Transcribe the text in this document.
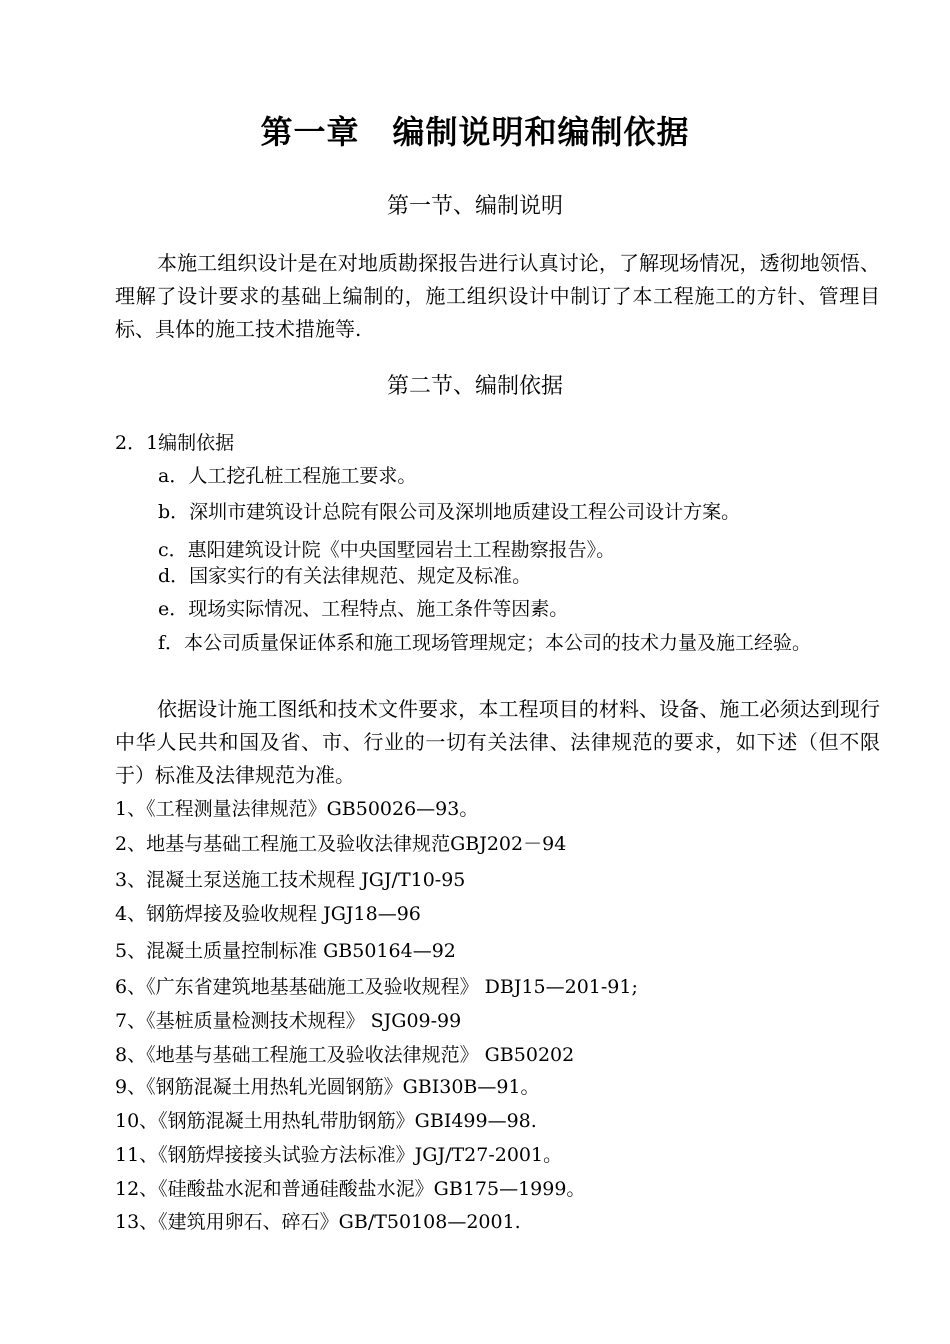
第一章　编制说明和编制依据
第一节、编制说明
本施工组织设计是在对地质勘探报告进行认真讨论，了解现场情况，透彻地领悟、理解了设计要求的基础上编制的，施工组织设计中制订了本工程施工的方针、管理目标、具体的施工技术措施等.
第二节、编制依据
2．1编制依据
a．人工挖孔桩工程施工要求。
b．深圳市建筑设计总院有限公司及深圳地质建设工程公司设计方案。
c．惠阳建筑设计院《中央国墅园岩土工程勘察报告》。
d．国家实行的有关法律规范、规定及标准。
e．现场实际情况、工程特点、施工条件等因素。
f．本公司质量保证体系和施工现场管理规定；本公司的技术力量及施工经验。
依据设计施工图纸和技术文件要求，本工程项目的材料、设备、施工必须达到现行中华人民共和国及省、市、行业的一切有关法律、法律规范的要求，如下述（但不限于）标准及法律规范为准。
1、《工程测量法律规范》GB50026—93。
2、地基与基础工程施工及验收法律规范GBJ202－94
3、混凝土泵送施工技术规程 JGJ/T10-95
4、钢筋焊接及验收规程 JGJ18—96
5、混凝土质量控制标准 GB50164—92
6、《广东省建筑地基基础施工及验收规程》 DBJ15—201-91;
7、《基桩质量检测技术规程》 SJG09-99
8、《地基与基础工程施工及验收法律规范》 GB50202
9、《钢筋混凝土用热轧光圆钢筋》GBI30B—91。
10、《钢筋混凝土用热轧带肋钢筋》GBI499—98.
11、《钢筋焊接接头试验方法标准》JGJ/T27-2001。
12、《硅酸盐水泥和普通硅酸盐水泥》GB175—1999。
13、《建筑用卵石、碎石》GB/T50108—2001.
